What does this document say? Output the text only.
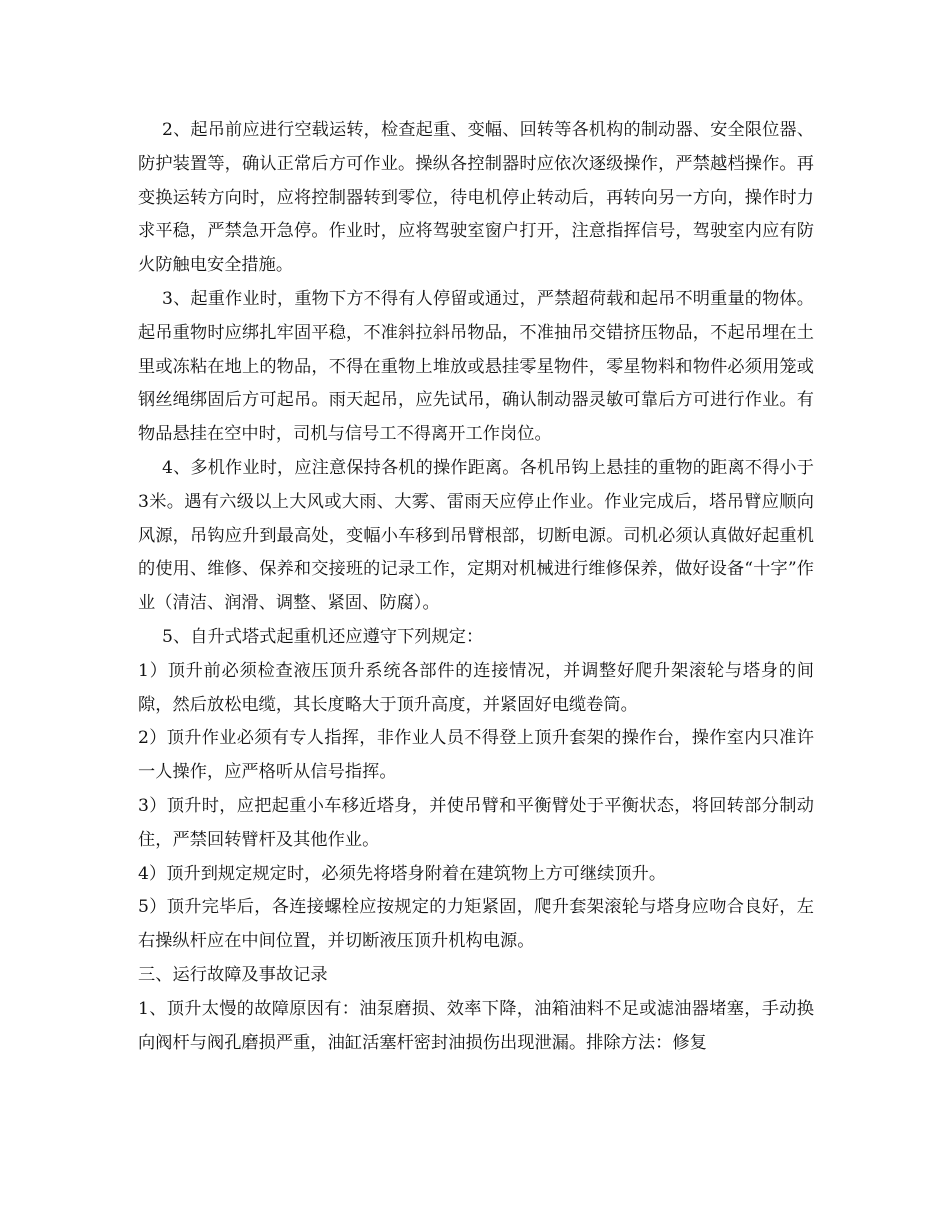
2、起吊前应进行空载运转，检查起重、变幅、回转等各机构的制动器、安全限位器、防护装置等，确认正常后方可作业。操纵各控制器时应依次逐级操作，严禁越档操作。再变换运转方向时，应将控制器转到零位，待电机停止转动后，再转向另一方向，操作时力求平稳，严禁急开急停。作业时，应将驾驶室窗户打开，注意指挥信号，驾驶室内应有防火防触电安全措施。

3、起重作业时，重物下方不得有人停留或通过，严禁超荷载和起吊不明重量的物体。起吊重物时应绑扎牢固平稳，不准斜拉斜吊物品，不准抽吊交错挤压物品，不起吊埋在土里或冻粘在地上的物品，不得在重物上堆放或悬挂零星物件，零星物料和物件必须用笼或钢丝绳绑固后方可起吊。雨天起吊，应先试吊，确认制动器灵敏可靠后方可进行作业。有物品悬挂在空中时，司机与信号工不得离开工作岗位。

4、多机作业时，应注意保持各机的操作距离。各机吊钩上悬挂的重物的距离不得小于3米。遇有六级以上大风或大雨、大雾、雷雨天应停止作业。作业完成后，塔吊臂应顺向风源，吊钩应升到最高处，变幅小车移到吊臂根部，切断电源。司机必须认真做好起重机的使用、维修、保养和交接班的记录工作，定期对机械进行维修保养，做好设备“十字”作业（清洁、润滑、调整、紧固、防腐）。

5、自升式塔式起重机还应遵守下列规定：

1）顶升前必须检查液压顶升系统各部件的连接情况，并调整好爬升架滚轮与塔身的间隙，然后放松电缆，其长度略大于顶升高度，并紧固好电缆卷筒。

2）顶升作业必须有专人指挥，非作业人员不得登上顶升套架的操作台，操作室内只准许一人操作，应严格听从信号指挥。

3）顶升时，应把起重小车移近塔身，并使吊臂和平衡臂处于平衡状态，将回转部分制动住，严禁回转臂杆及其他作业。

4）顶升到规定规定时，必须先将塔身附着在建筑物上方可继续顶升。

5）顶升完毕后，各连接螺栓应按规定的力矩紧固，爬升套架滚轮与塔身应吻合良好，左右操纵杆应在中间位置，并切断液压顶升机构电源。

三、运行故障及事故记录

1、顶升太慢的故障原因有：油泵磨损、效率下降，油箱油料不足或滤油器堵塞，手动换向阀杆与阀孔磨损严重，油缸活塞杆密封油损伤出现泄漏。排除方法：修复
